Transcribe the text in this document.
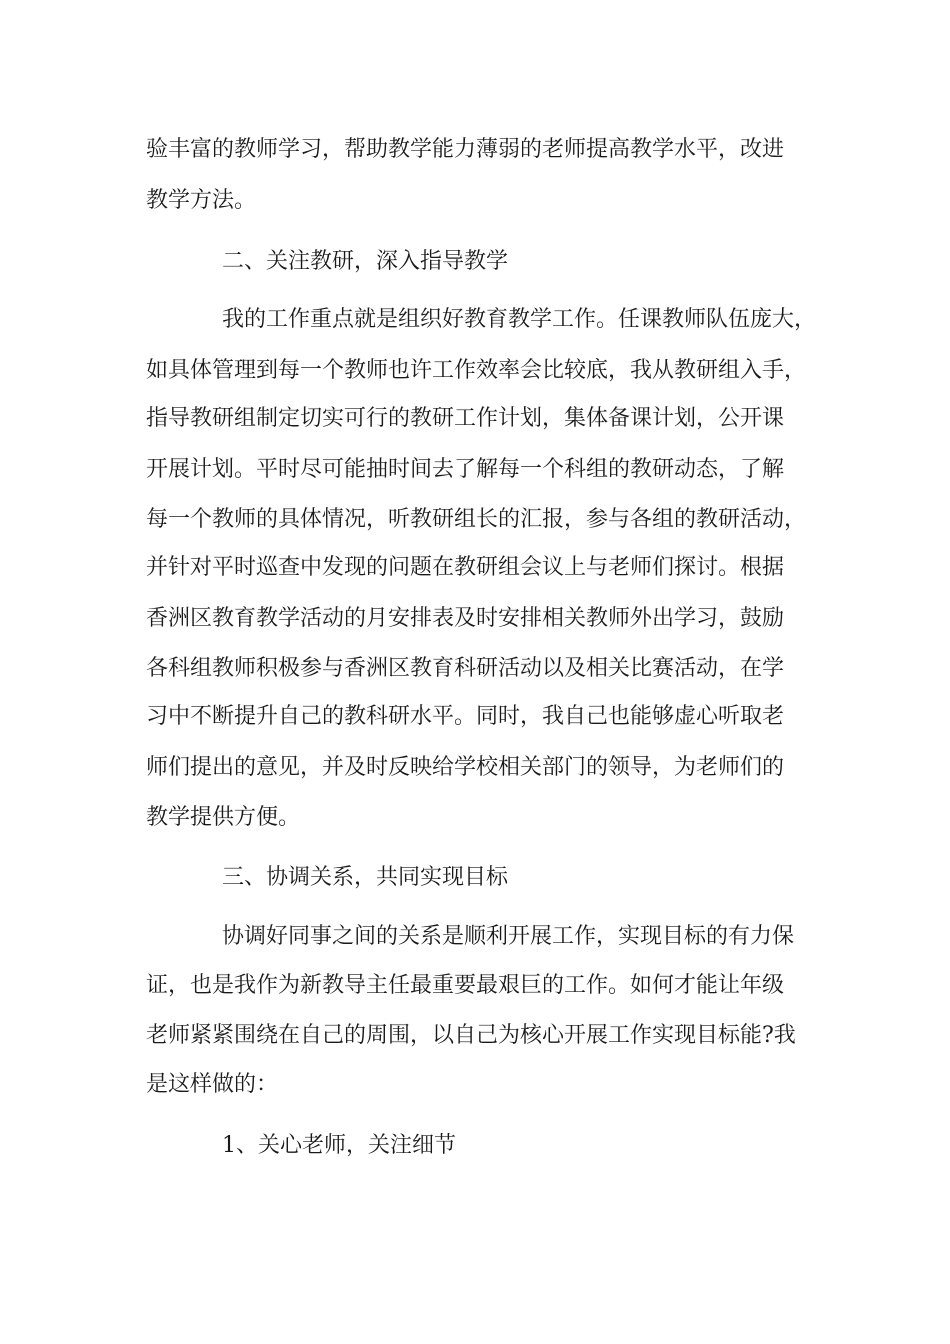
验丰富的教师学习，帮助教学能力薄弱的老师提高教学水平，改进
教学方法。
二、关注教研，深入指导教学
我的工作重点就是组织好教育教学工作。任课教师队伍庞大，
如具体管理到每一个教师也许工作效率会比较底，我从教研组入手，
指导教研组制定切实可行的教研工作计划，集体备课计划，公开课
开展计划。平时尽可能抽时间去了解每一个科组的教研动态，了解
每一个教师的具体情况，听教研组长的汇报，参与各组的教研活动，
并针对平时巡查中发现的问题在教研组会议上与老师们探讨。根据
香洲区教育教学活动的月安排表及时安排相关教师外出学习，鼓励
各科组教师积极参与香洲区教育科研活动以及相关比赛活动，在学
习中不断提升自己的教科研水平。同时，我自己也能够虚心听取老
师们提出的意见，并及时反映给学校相关部门的领导，为老师们的
教学提供方便。
三、协调关系，共同实现目标
协调好同事之间的关系是顺利开展工作，实现目标的有力保
证，也是我作为新教导主任最重要最艰巨的工作。如何才能让年级
老师紧紧围绕在自己的周围，以自己为核心开展工作实现目标能?我
是这样做的：
1、关心老师，关注细节
